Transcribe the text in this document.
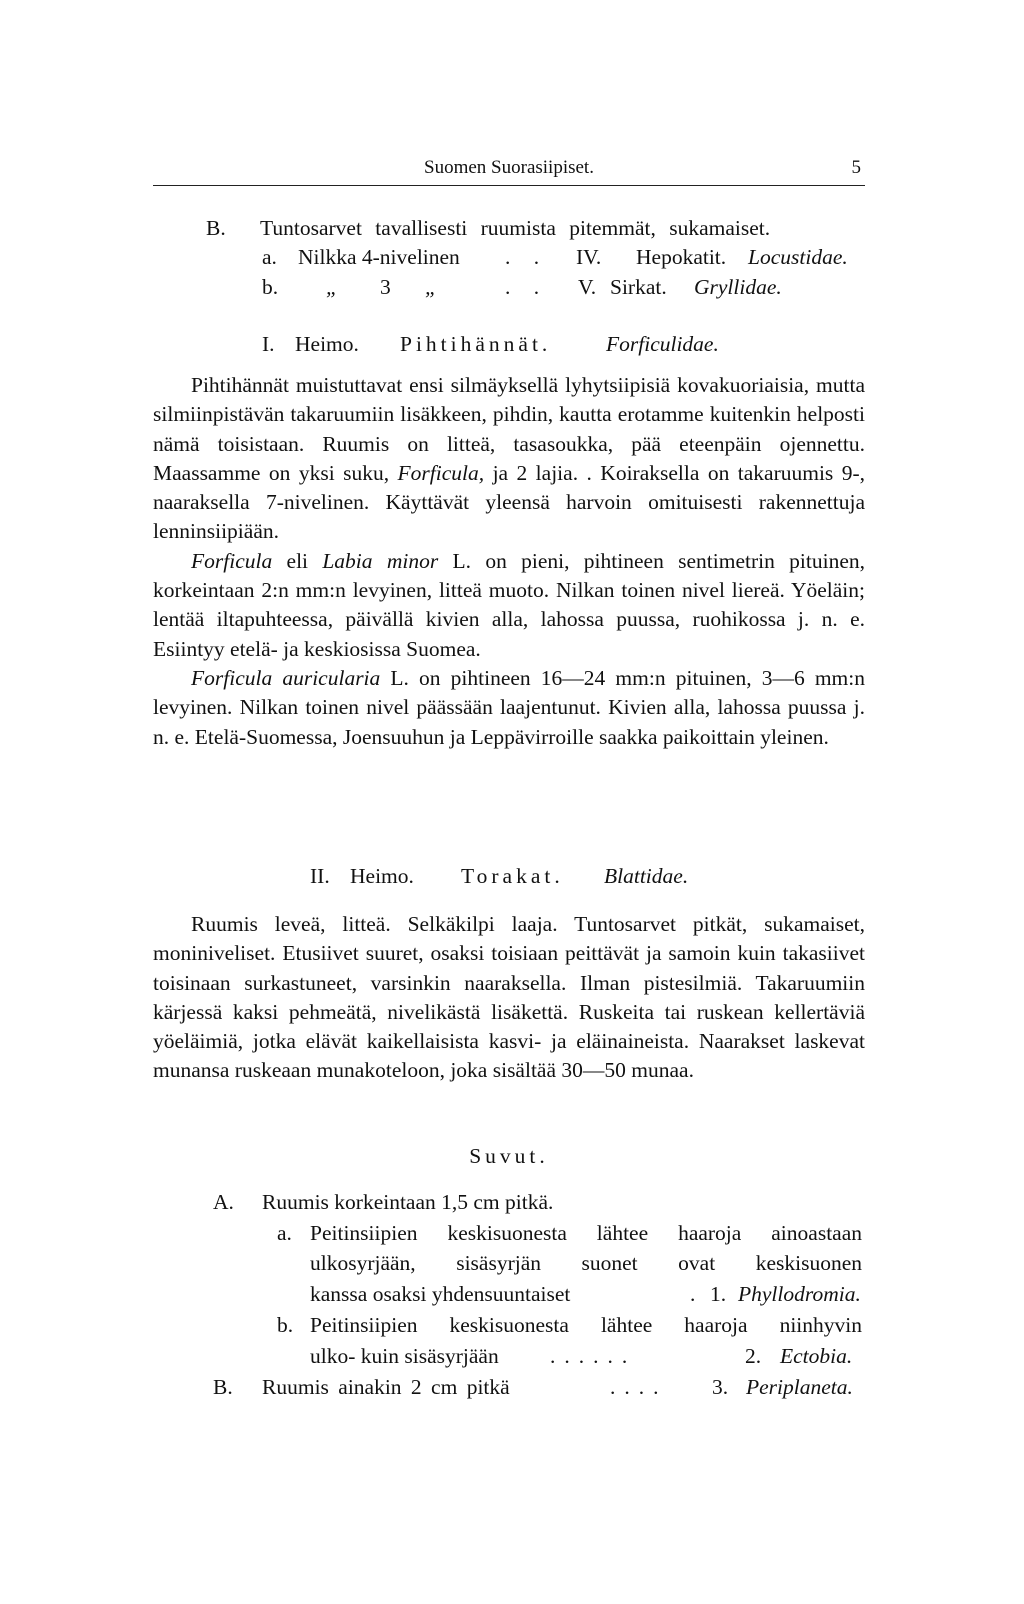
Suomen Suorasiipiset.	5
B. Tuntosarvet tavallisesti ruumista pitemmät, sukamaiset.
a. Nilkka 4-nivelinen . . IV. Hepokatit. Locustidae.
b. „ 3 „	. . V. Sirkat. Gryllidae.
I. Heimo. Pihtihännät.	Forficulidae.

Pihtihännät muistuttavat ensi silmäyksellä lyhytsiipisiä kovakuoriaisia, mutta silmiinpistävän takaruumiin lisäkkeen, pihdin, kautta erotamme kuitenkin helposti nämä toisistaan. Ruumis on litteä, tasasoukka, pää eteenpäin ojennettu. Maassamme on yksi suku, Forficula, ja 2 lajia. . Koiraksella on takaruumis 9-, naaraksella 7-nivelinen. Käyttävät yleensä harvoin omituisesti rakennettuja lenninsiipiään.

Forficula eli Labia minor L. on pieni, pihtineen sentimetrin pituinen, korkeintaan 2:n mm:n levyinen, litteä muoto. Nilkan toinen nivel liereä. Yöeläin; lentää iltapuhteessa, päivällä kivien alla, lahossa puussa, ruohikossa j. n. e. Esiintyy etelä- ja keskiosissa Suomea.

Forficula auricularia L. on pihtineen 16—24 mm:n pituinen, 3—6 mm:n levyinen. Nilkan toinen nivel päässään laajentunut. Kivien alla, lahossa puussa j. n. e. Etelä-Suomessa, Joensuuhun ja Leppävirroille saakka paikoittain yleinen.

II. Heimo. Torakat. Blattidae.

Ruumis leveä, litteä. Selkäkilpi laaja. Tuntosarvet pitkät, sukamaiset, moniniveliset. Etusiivet suuret, osaksi toisiaan peittävät ja samoin kuin takasiivet toisinaan surkastuneet, varsinkin naaraksella. Ilman pistesilmiä. Takaruumiin kärjessä kaksi pehmeätä, nivelikästä lisäkettä. Ruskeita tai ruskean kellertäviä yöeläimiä, jotka elävät kaikellaisista kasvi- ja eläinaineista. Naarakset laskevat munansa ruskeaan munakoteloon, joka sisältää 30—50 munaa.

Suvut.
A. Ruumis korkeintaan 1,5 cm pitkä.
a. Peitinsiipien keskisuonesta lähtee haaroja ainoastaan
ulkosyrjään, sisäsyrjän suonet ovat keskisuonen
kanssa osaksi yhdensuuntaiset	. 1. Phyllodromia.
b. Peitinsiipien keskisuonesta lähtee haaroja niinhyvin
ulko- kuin sisäsyrjään ......	2. Ectobia.
B. Ruumis ainakin 2 cm pitkä	.... 3. Periplaneta.
